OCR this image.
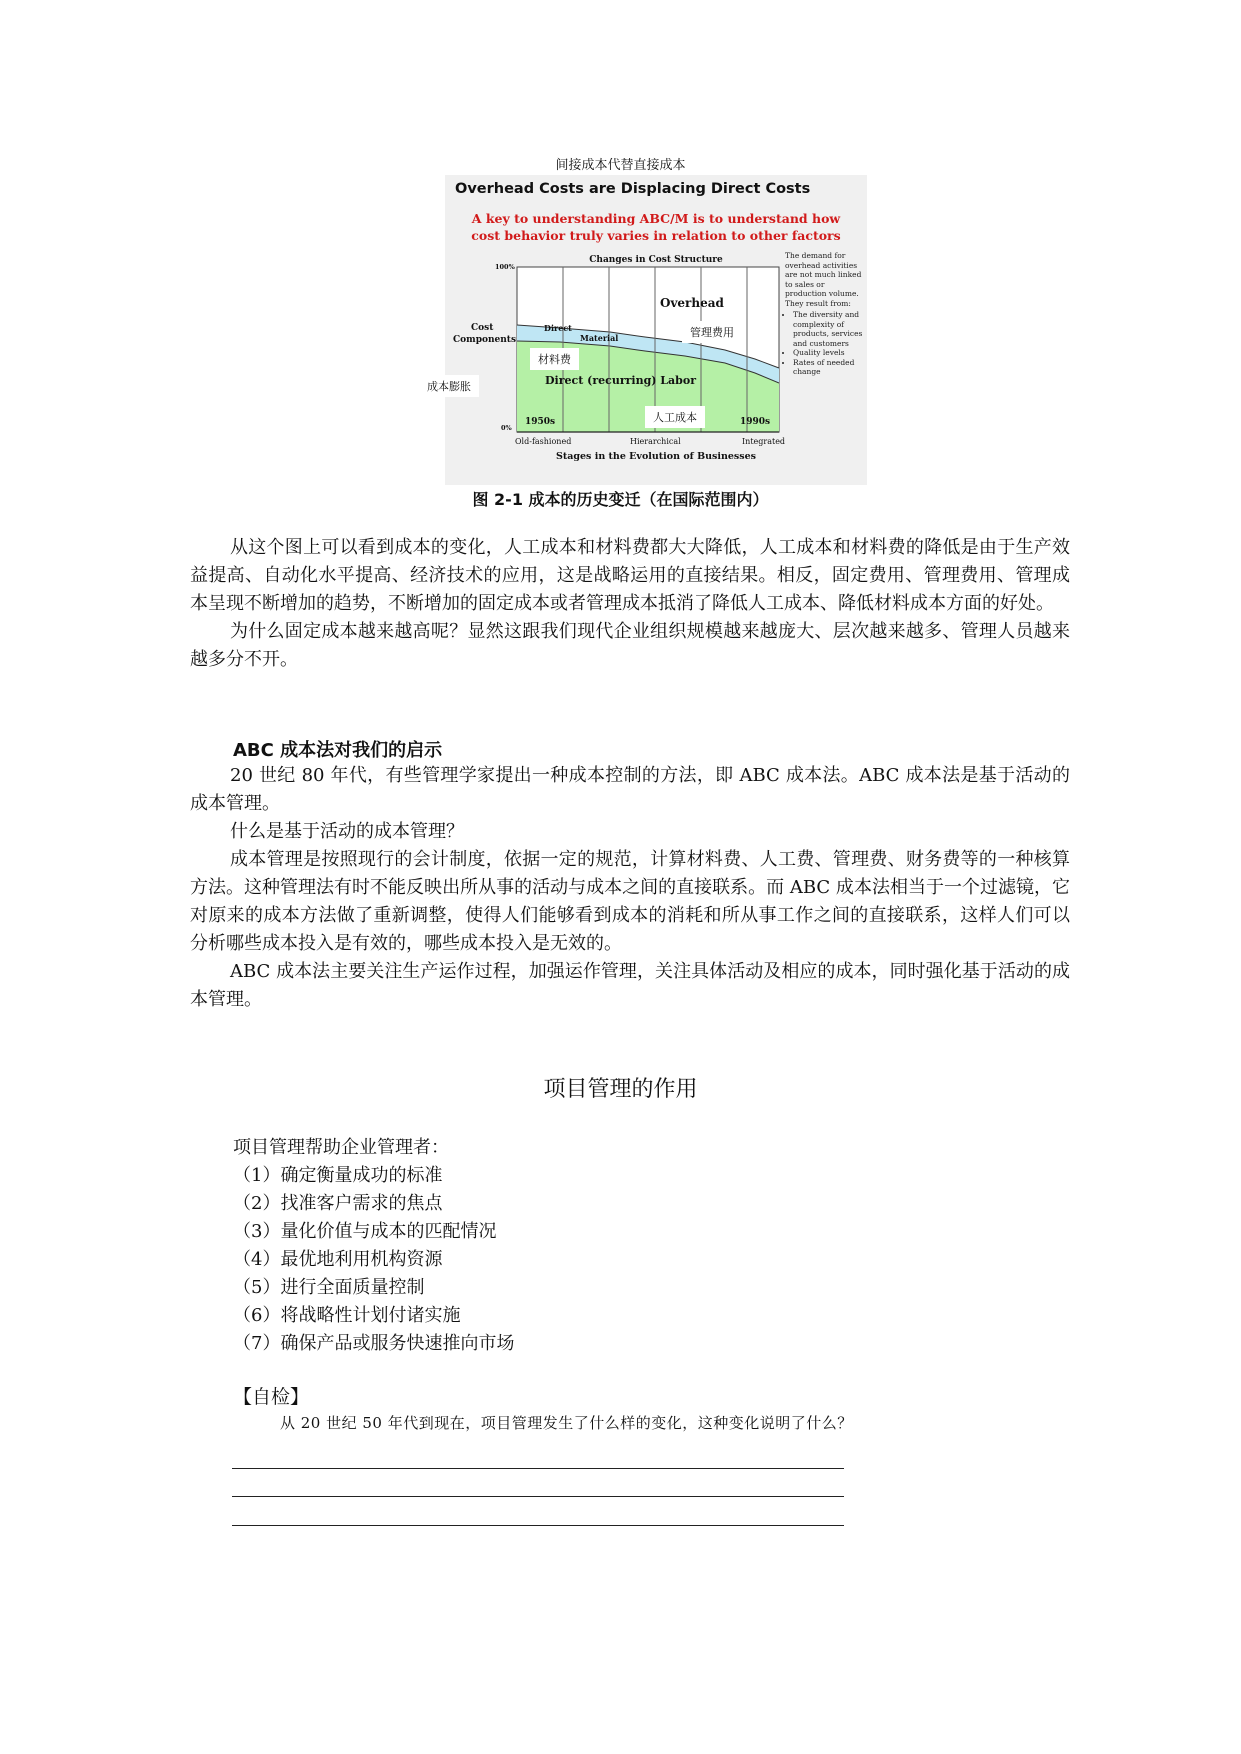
间接成本代替直接成本
Overhead Costs are Displacing Direct Costs
A key to understanding ABC/M is to understand how
cost behavior truly varies in relation to other factors
Changes in Cost Structure
100%
0%
Cost
Components
Direct
Material
Overhead
Direct (recurring) Labor
1950s	1990s
Old-fashioned	Hierarchical	Integrated
Stages in the Evolution of Businesses
The demand for overhead activities are not much linked to sales or production volume. They result from:
• The diversity and complexity of products, services and customers
• Quality levels
• Rates of needed change
管理费用
材料费
人工成本
成本膨胀
图 2-1 成本的历史变迁（在国际范围内）

从这个图上可以看到成本的变化，人工成本和材料费都大大降低，人工成本和材料费的降低是由于生产效益提高、自动化水平提高、经济技术的应用，这是战略运用的直接结果。相反，固定费用、管理费用、管理成本呈现不断增加的趋势，不断增加的固定成本或者管理成本抵消了降低人工成本、降低材料成本方面的好处。

为什么固定成本越来越高呢？显然这跟我们现代企业组织规模越来越庞大、层次越来越多、管理人员越来越多分不开。

ABC 成本法对我们的启示

20 世纪 80 年代，有些管理学家提出一种成本控制的方法，即 ABC 成本法。ABC 成本法是基于活动的成本管理。

什么是基于活动的成本管理？

成本管理是按照现行的会计制度，依据一定的规范，计算材料费、人工费、管理费、财务费等的一种核算方法。这种管理法有时不能反映出所从事的活动与成本之间的直接联系。而 ABC 成本法相当于一个过滤镜，它对原来的成本方法做了重新调整，使得人们能够看到成本的消耗和所从事工作之间的直接联系，这样人们可以分析哪些成本投入是有效的，哪些成本投入是无效的。

ABC 成本法主要关注生产运作过程，加强运作管理，关注具体活动及相应的成本，同时强化基于活动的成本管理。

项目管理的作用
项目管理帮助企业管理者：
（1）确定衡量成功的标准
（2）找准客户需求的焦点
（3）量化价值与成本的匹配情况
（4）最优地利用机构资源
（5）进行全面质量控制
（6）将战略性计划付诸实施
（7）确保产品或服务快速推向市场
【自检】
从 20 世纪 50 年代到现在，项目管理发生了什么样的变化，这种变化说明了什么？
